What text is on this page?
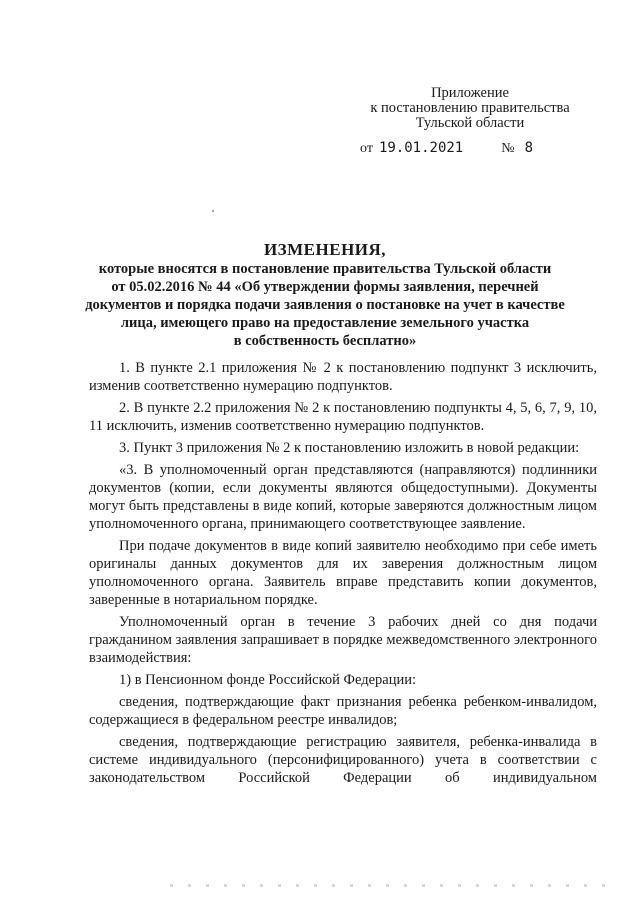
Приложение
к постановлению правительства
Тульской области
от 19.01.2021	№ 8
ИЗМЕНЕНИЯ,
которые вносятся в постановление правительства Тульской области
от 05.02.2016 № 44 «Об утверждении формы заявления, перечней
документов и порядка подачи заявления о постановке на учет в качестве
лица, имеющего право на предоставление земельного участка
в собственность бесплатно»

1. В пункте 2.1 приложения № 2 к постановлению подпункт 3 исключить, изменив соответственно нумерацию подпунктов.

2. В пункте 2.2 приложения № 2 к постановлению подпункты 4, 5, 6, 7, 9, 10, 11 исключить, изменив соответственно нумерацию подпунктов.

3. Пункт 3 приложения № 2 к постановлению изложить в новой редакции:

«3. В уполномоченный орган представляются (направляются) подлинники документов (копии, если документы являются общедоступными). Документы могут быть представлены в виде копий, которые заверяются должностным лицом уполномоченного органа, принимающего соответствующее заявление.

При подаче документов в виде копий заявителю необходимо при себе иметь оригиналы данных документов для их заверения должностным лицом уполномоченного органа. Заявитель вправе представить копии документов, заверенные в нотариальном порядке.

Уполномоченный орган в течение 3 рабочих дней со дня подачи гражданином заявления запрашивает в порядке межведомственного электронного взаимодействия:

1) в Пенсионном фонде Российской Федерации:

сведения, подтверждающие факт признания ребенка ребенком-инвалидом, содержащиеся в федеральном реестре инвалидов;

сведения, подтверждающие регистрацию заявителя, ребенка-инвалида в системе индивидуального (персонифицированного) учета в соответствии с законодательством Российской Федерации об индивидуальном
